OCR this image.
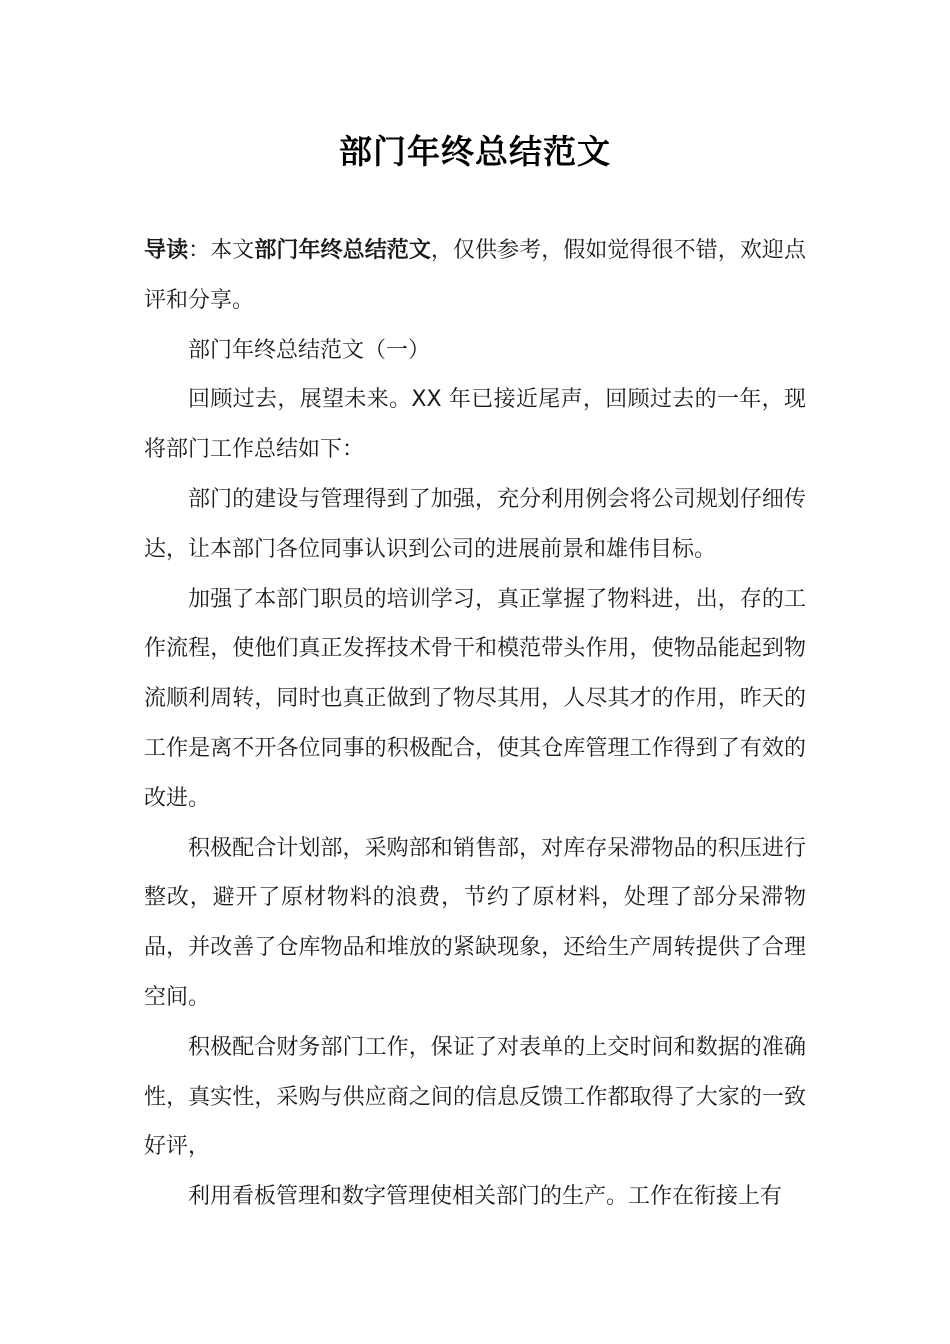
部门年终总结范文

导读：本文部门年终总结范文，仅供参考，假如觉得很不错，欢迎点评和分享。

部门年终总结范文（一）

回顾过去，展望未来。XX 年已接近尾声，回顾过去的一年，现将部门工作总结如下：

部门的建设与管理得到了加强，充分利用例会将公司规划仔细传达，让本部门各位同事认识到公司的进展前景和雄伟目标。

加强了本部门职员的培训学习，真正掌握了物料进，出，存的工作流程，使他们真正发挥技术骨干和模范带头作用，使物品能起到物流顺利周转，同时也真正做到了物尽其用，人尽其才的作用，昨天的工作是离不开各位同事的积极配合，使其仓库管理工作得到了有效的改进。

积极配合计划部，采购部和销售部，对库存呆滞物品的积压进行整改，避开了原材物料的浪费，节约了原材料，处理了部分呆滞物品，并改善了仓库物品和堆放的紧缺现象，还给生产周转提供了合理空间。

积极配合财务部门工作，保证了对表单的上交时间和数据的准确性，真实性，采购与供应商之间的信息反馈工作都取得了大家的一致好评，

利用看板管理和数字管理使相关部门的生产。工作在衔接上有
